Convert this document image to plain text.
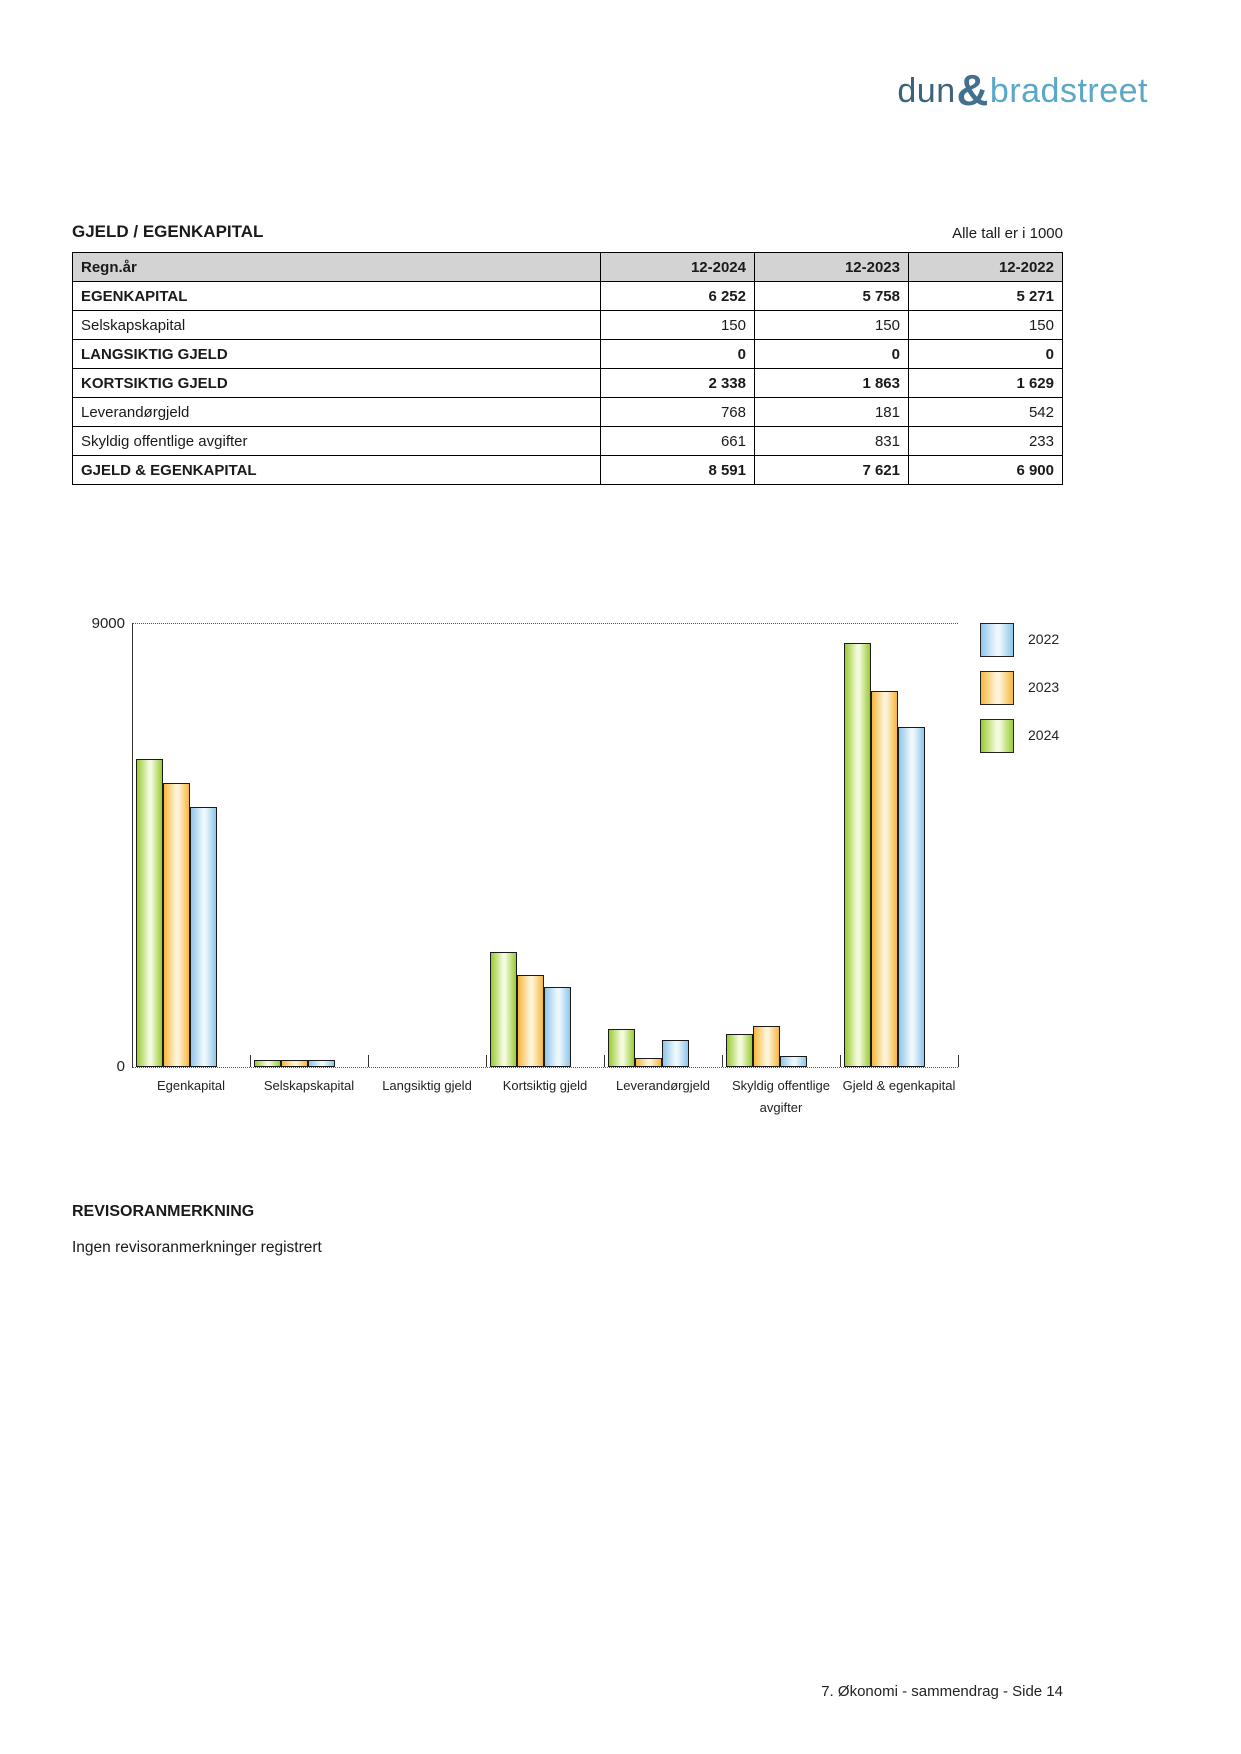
dun&bradstreet
GJELD / EGENKAPITAL	Alle tall er i 1000
Regn.år	12-2024	12-2023	12-2022
EGENKAPITAL	6 252	5 758	5 271
Selskapskapital	150	150	150
LANGSIKTIG GJELD	0	0	0
KORTSIKTIG GJELD	2 338	1 863	1 629
Leverandørgjeld	768	181	542
Skyldig offentlige avgifter	661	831	233
GJELD & EGENKAPITAL	8 591	7 621	6 900
9000
0
Egenkapital	Selskapskapital	Langsiktig gjeld	Kortsiktig gjeld	Leverandørgjeld	Skyldig offentlige avgifter
Gjeld & egenkapital
2022
2023
2024
REVISORANMERKNING
Ingen revisoranmerkninger registrert
7. Økonomi - sammendrag - Side 14
